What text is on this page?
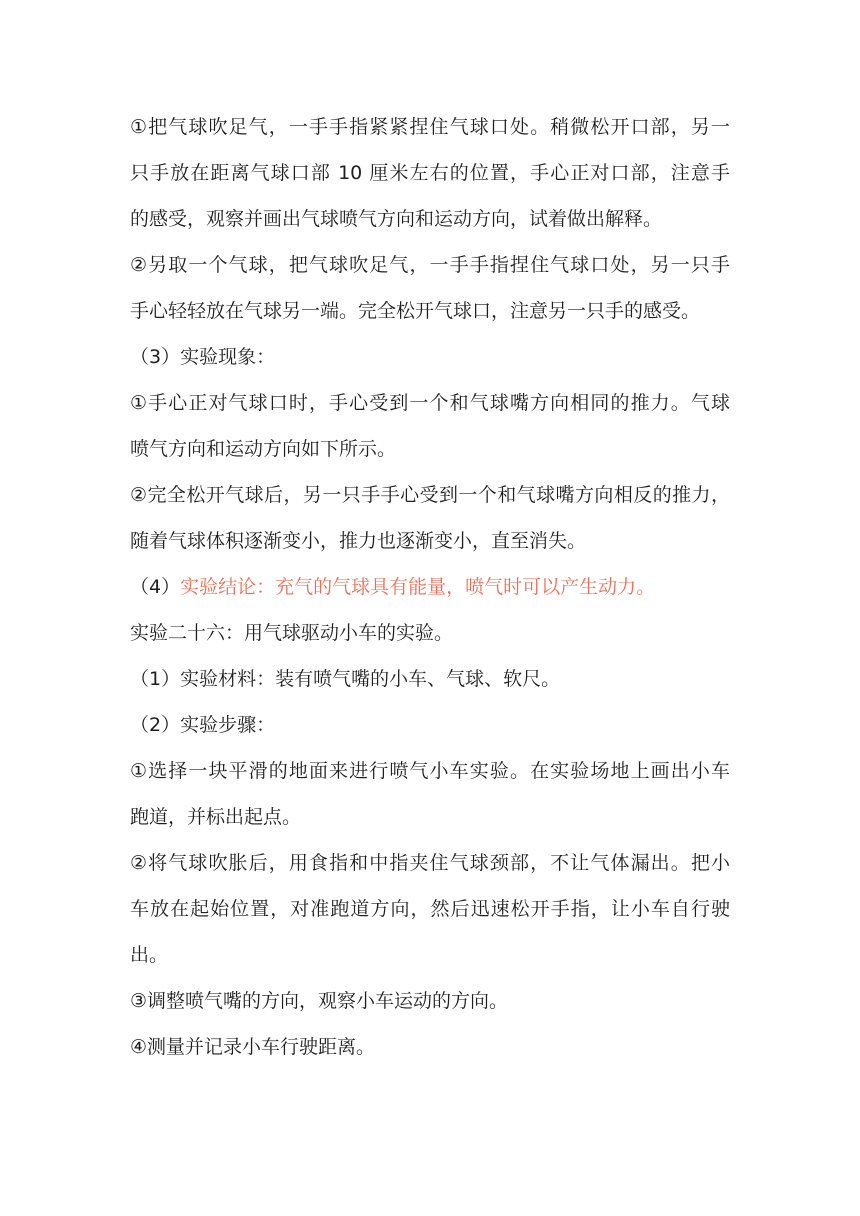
①把气球吹足气，一手手指紧紧捏住气球口处。稍微松开口部，另一
只手放在距离气球口部 10 厘米左右的位置，手心正对口部，注意手
的感受，观察并画出气球喷气方向和运动方向，试着做出解释。
②另取一个气球，把气球吹足气，一手手指捏住气球口处，另一只手
手心轻轻放在气球另一端。完全松开气球口，注意另一只手的感受。
（3）实验现象：
①手心正对气球口时，手心受到一个和气球嘴方向相同的推力。气球
喷气方向和运动方向如下所示。
②完全松开气球后，另一只手手心受到一个和气球嘴方向相反的推力，
随着气球体积逐渐变小，推力也逐渐变小，直至消失。
（4）实验结论：充气的气球具有能量，喷气时可以产生动力。
实验二十六：用气球驱动小车的实验。
（1）实验材料：装有喷气嘴的小车、气球、软尺。
（2）实验步骤：
①选择一块平滑的地面来进行喷气小车实验。在实验场地上画出小车
跑道，并标出起点。
②将气球吹胀后，用食指和中指夹住气球颈部，不让气体漏出。把小
车放在起始位置，对准跑道方向，然后迅速松开手指，让小车自行驶
出。
③调整喷气嘴的方向，观察小车运动的方向。
④测量并记录小车行驶距离。
